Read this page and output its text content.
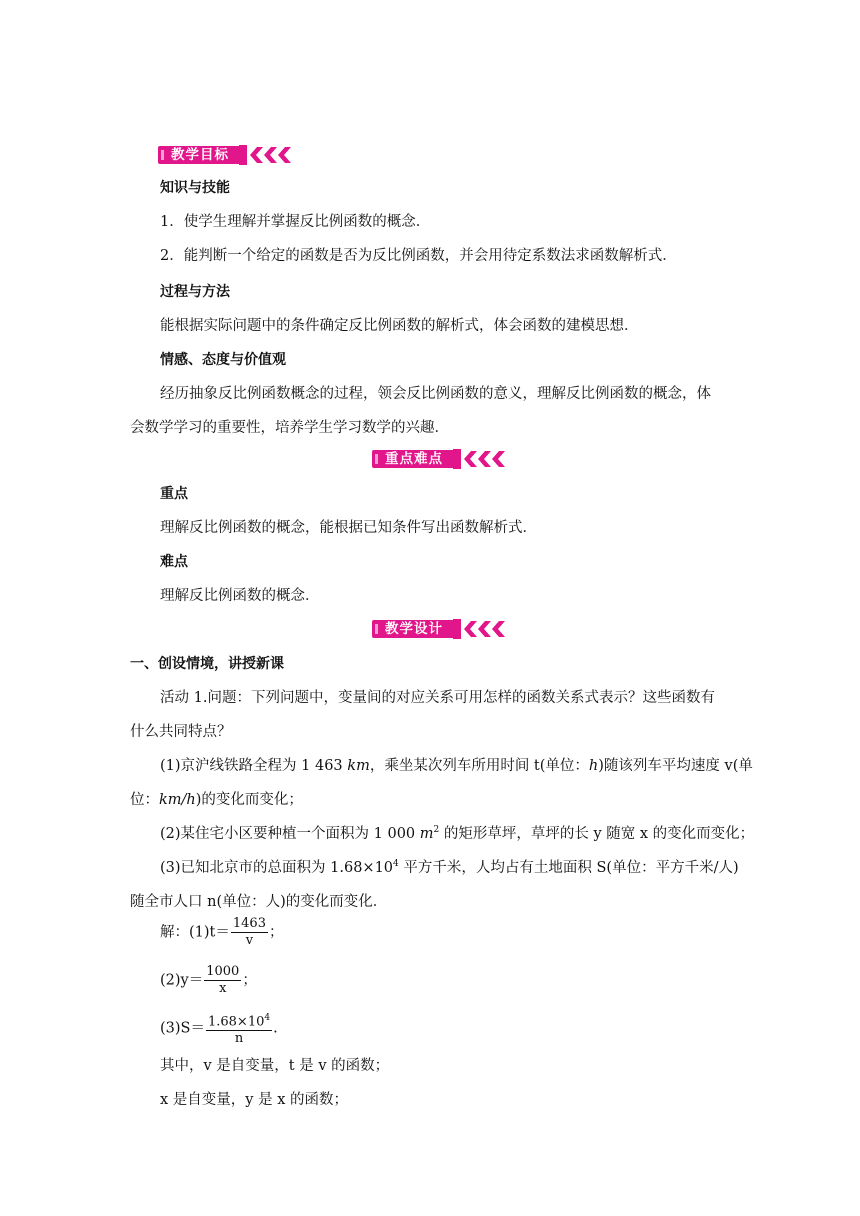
教学目标
知识与技能
1．使学生理解并掌握反比例函数的概念．
2．能判断一个给定的函数是否为反比例函数，并会用待定系数法求函数解析式．
过程与方法
能根据实际问题中的条件确定反比例函数的解析式，体会函数的建模思想．
情感、态度与价值观
经历抽象反比例函数概念的过程，领会反比例函数的意义，理解反比例函数的概念，体
会数学学习的重要性，培养学生学习数学的兴趣．
重点难点
重点
理解反比例函数的概念，能根据已知条件写出函数解析式．
难点
理解反比例函数的概念．
教学设计
一、创设情境，讲授新课
活动 1.问题：下列问题中，变量间的对应关系可用怎样的函数关系式表示？这些函数有
什么共同特点？
(1)京沪线铁路全程为 1 463 km，乘坐某次列车所用时间 t(单位：h)随该列车平均速度 v(单
位：km/h)的变化而变化；
(2)某住宅小区要种植一个面积为 1 000 $m^2$ 的矩形草坪，草坪的长 y 随宽 x 的变化而变化；
(3)已知北京市的总面积为 $1.68\times 10^4$ 平方千米，人均占有土地面积 S(单位：平方千米/人)
随全市人口 n(单位：人)的变化而变化．
解：$(1)t= \frac{1463}{v}$ ；
$(2)y= \frac{1000}{x}$ ；
$(3)S= \frac{1.68\times 10^4}{n}$ .
其中，v 是自变量，t 是 v 的函数；
x 是自变量，y 是 x 的函数；
